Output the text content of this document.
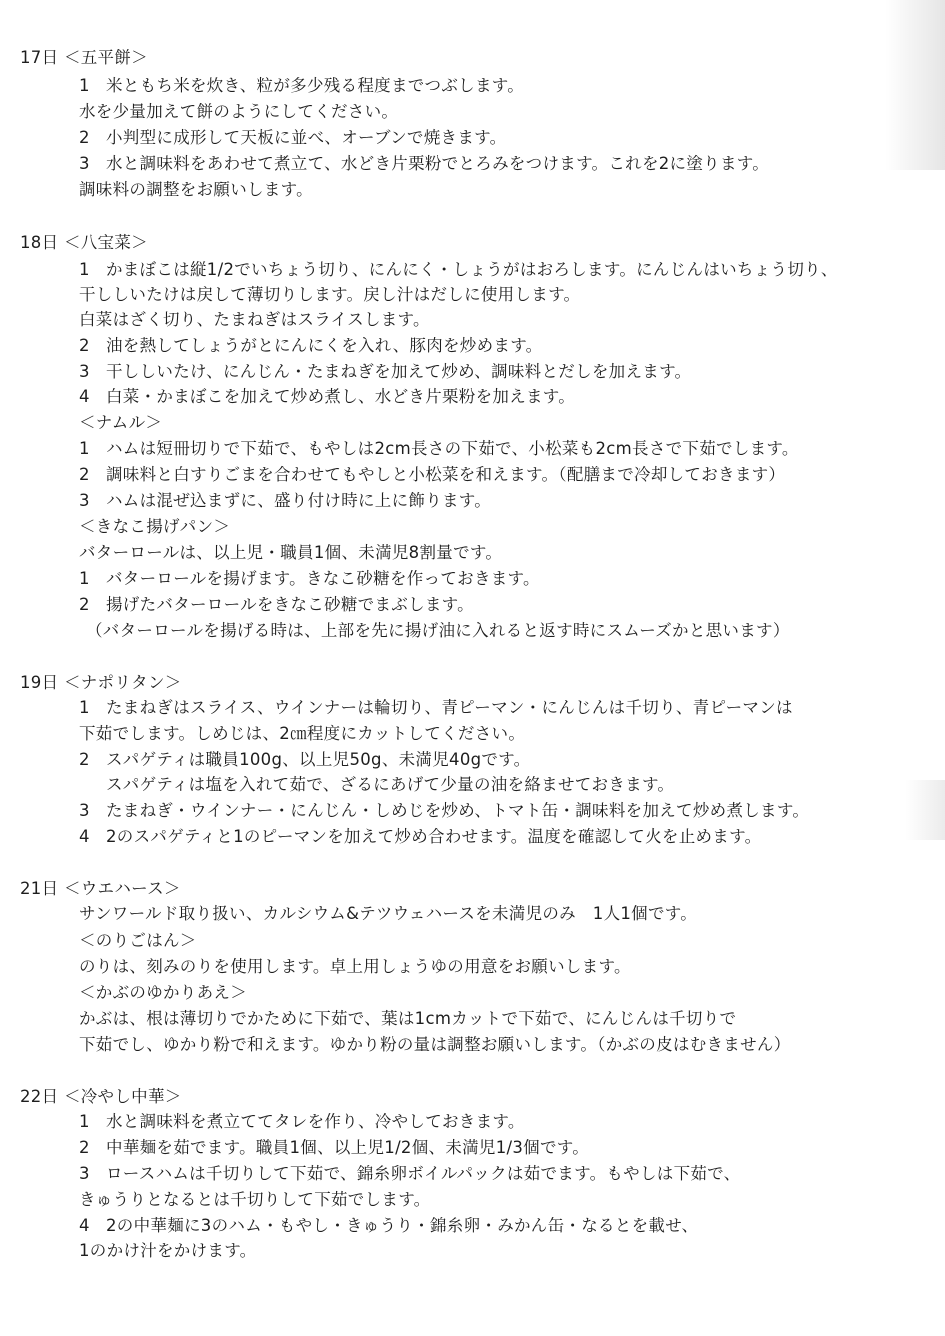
17日 ＜五平餅＞
1 米ともち米を炊き、粒が多少残る程度までつぶします。
水を少量加えて餅のようにしてください。
2 小判型に成形して天板に並べ、オーブンで焼きます。
3 水と調味料をあわせて煮立て、水どき片栗粉でとろみをつけます。これを2に塗ります。
調味料の調整をお願いします。
18日 ＜八宝菜＞
1 かまぼこは縦1/2でいちょう切り、にんにく・しょうがはおろします。にんじんはいちょう切り、
干ししいたけは戻して薄切りします。戻し汁はだしに使用します。
白菜はざく切り、たまねぎはスライスします。
2 油を熱してしょうがとにんにくを入れ、豚肉を炒めます。
3 干ししいたけ、にんじん・たまねぎを加えて炒め、調味料とだしを加えます。
4 白菜・かまぼこを加えて炒め煮し、水どき片栗粉を加えます。
＜ナムル＞
1 ハムは短冊切りで下茹で、もやしは2cm長さの下茹で、小松菜も2cm長さで下茹でします。
2 調味料と白すりごまを合わせてもやしと小松菜を和えます。（配膳まで冷却しておきます）
3 ハムは混ぜ込まずに、盛り付け時に上に飾ります。
＜きなこ揚げパン＞
バターロールは、以上児・職員1個、未満児8割量です。
1 バターロールを揚げます。きなこ砂糖を作っておきます。
2 揚げたバターロールをきなこ砂糖でまぶします。
（バターロールを揚げる時は、上部を先に揚げ油に入れると返す時にスムーズかと思います）
19日 ＜ナポリタン＞
1 たまねぎはスライス、ウインナーは輪切り、青ピーマン・にんじんは千切り、青ピーマンは
下茹でします。しめじは、2㎝程度にカットしてください。
2 スパゲティは職員100g、以上児50g、未満児40gです。
スパゲティは塩を入れて茹で、ざるにあげて少量の油を絡ませておきます。
3 たまねぎ・ウインナー・にんじん・しめじを炒め、トマト缶・調味料を加えて炒め煮します。
4 2のスパゲティと1のピーマンを加えて炒め合わせます。温度を確認して火を止めます。
21日 ＜ウエハース＞
サンワールド取り扱い、カルシウム&テツウェハースを未満児のみ　1人1個です。
＜のりごはん＞
のりは、刻みのりを使用します。卓上用しょうゆの用意をお願いします。
＜かぶのゆかりあえ＞
かぶは、根は薄切りでかために下茹で、葉は1cmカットで下茹で、にんじんは千切りで
下茹でし、ゆかり粉で和えます。ゆかり粉の量は調整お願いします。（かぶの皮はむきません）
22日 ＜冷やし中華＞
1 水と調味料を煮立ててタレを作り、冷やしておきます。
2 中華麺を茹でます。職員1個、以上児1/2個、未満児1/3個です。
3 ロースハムは千切りして下茹で、錦糸卵ボイルパックは茹でます。もやしは下茹で、
きゅうりとなるとは千切りして下茹でします。
4 2の中華麺に3のハム・もやし・きゅうり・錦糸卵・みかん缶・なるとを載せ、
1のかけ汁をかけます。
